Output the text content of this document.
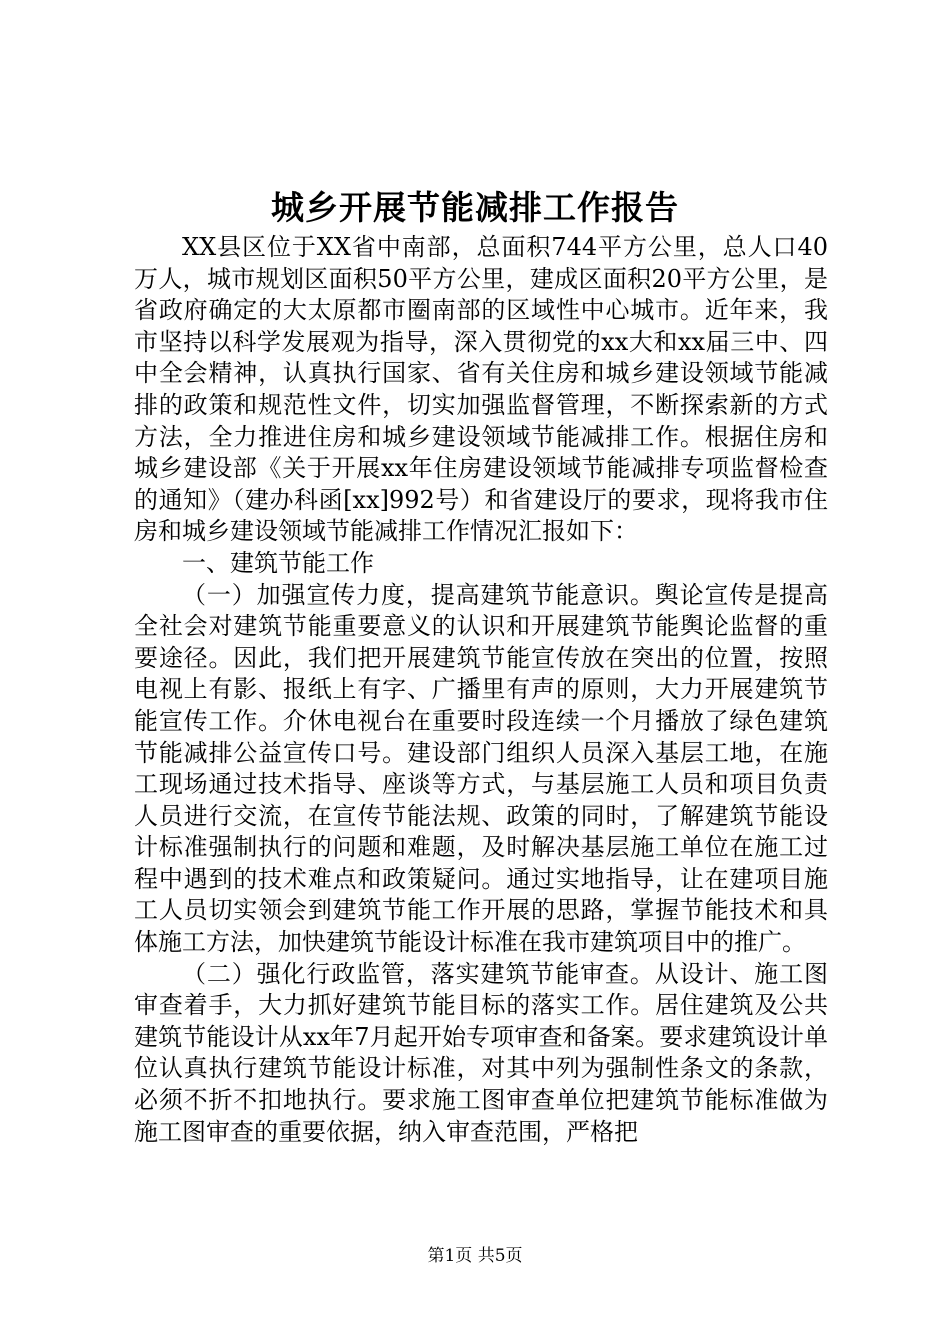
城乡开展节能减排工作报告

XX县区位于XX省中南部，总面积744平方公里，总人口40万人，城市规划区面积50平方公里，建成区面积20平方公里，是省政府确定的大太原都市圈南部的区域性中心城市。近年来，我市坚持以科学发展观为指导，深入贯彻党的xx大和xx届三中、四中全会精神，认真执行国家、省有关住房和城乡建设领域节能减排的政策和规范性文件，切实加强监督管理，不断探索新的方式方法，全力推进住房和城乡建设领域节能减排工作。根据住房和城乡建设部《关于开展xx年住房建设领域节能减排专项监督检查的通知》（建办科函[xx]992号）和省建设厅的要求，现将我市住房和城乡建设领域节能减排工作情况汇报如下：

一、建筑节能工作

（一）加强宣传力度，提高建筑节能意识。舆论宣传是提高全社会对建筑节能重要意义的认识和开展建筑节能舆论监督的重要途径。因此，我们把开展建筑节能宣传放在突出的位置，按照电视上有影、报纸上有字、广播里有声的原则，大力开展建筑节能宣传工作。介休电视台在重要时段连续一个月播放了绿色建筑节能减排公益宣传口号。建设部门组织人员深入基层工地，在施工现场通过技术指导、座谈等方式，与基层施工人员和项目负责人员进行交流，在宣传节能法规、政策的同时，了解建筑节能设计标准强制执行的问题和难题，及时解决基层施工单位在施工过程中遇到的技术难点和政策疑问。通过实地指导，让在建项目施工人员切实领会到建筑节能工作开展的思路，掌握节能技术和具体施工方法，加快建筑节能设计标准在我市建筑项目中的推广。

（二）强化行政监管，落实建筑节能审查。从设计、施工图审查着手，大力抓好建筑节能目标的落实工作。居住建筑及公共建筑节能设计从xx年7月起开始专项审查和备案。要求建筑设计单位认真执行建筑节能设计标准，对其中列为强制性条文的条款，必须不折不扣地执行。要求施工图审查单位把建筑节能标准做为施工图审查的重要依据，纳入审查范围，严格把

第1页 共5页
